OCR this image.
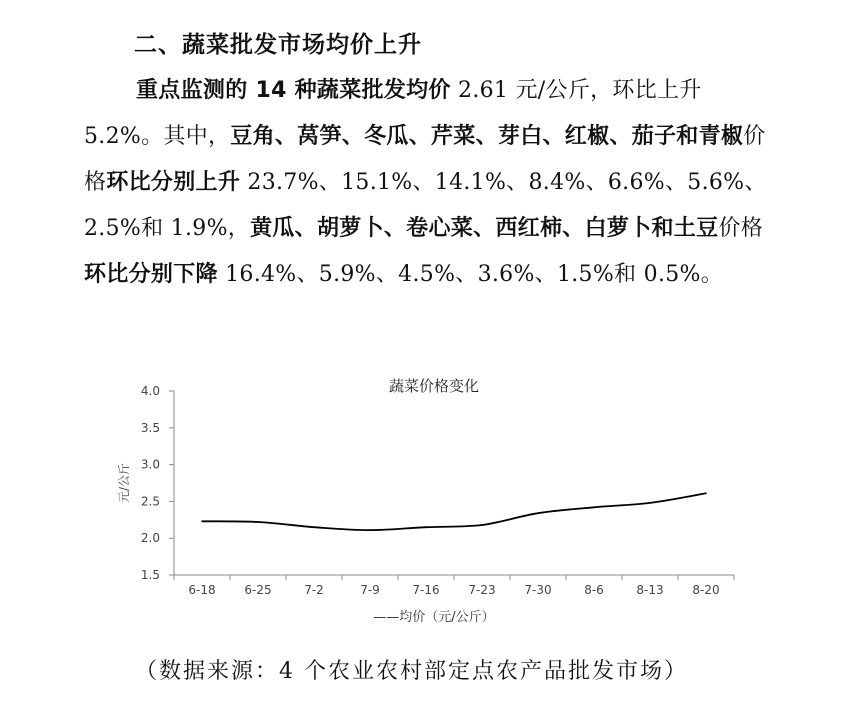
二、蔬菜批发市场均价上升
重点监测的 14 种蔬菜批发均价 2.61 元/公斤，环比上升 5.2%。其中，豆角、莴笋、冬瓜、芹菜、芽白、红椒、茄子和青椒价格环比分别上升 23.7%、15.1%、14.1%、8.4%、6.6%、5.6%、2.5%和 1.9%，黄瓜、胡萝卜、卷心菜、西红柿、白萝卜和土豆价格环比分别下降 16.4%、5.9%、4.5%、3.6%、1.5%和 0.5%。
蔬菜价格变化
元/公斤
4.0
3.5
3.0
2.5
2.0
1.5
6-18 6-25	7-2	7-9	7-16 7-23 7-30	8-6	8-13 8-20
——均价（元/公斤）
（数据来源：4 个农业农村部定点农产品批发市场）
